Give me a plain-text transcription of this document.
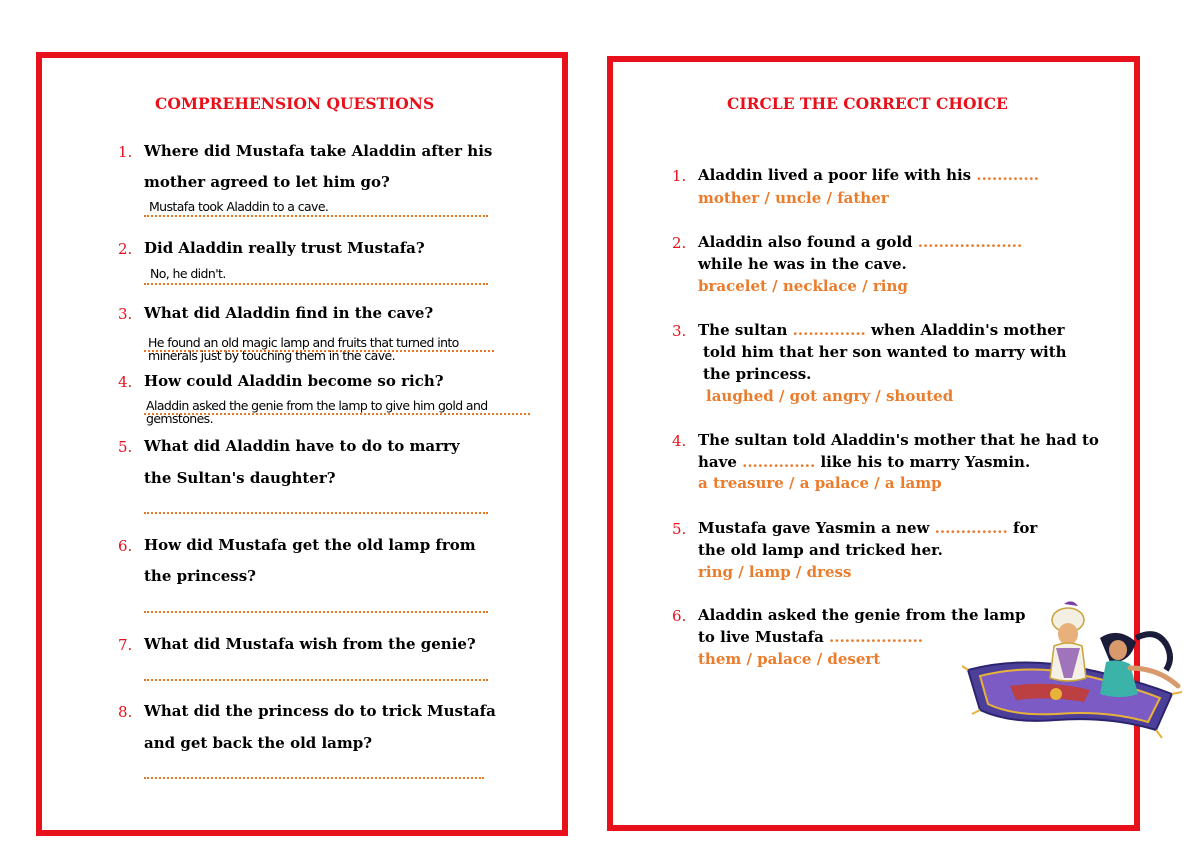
COMPREHENSION QUESTIONS
1. Where did Mustafa take Aladdin after his
mother agreed to let him go?
Mustafa took Aladdin to a cave.
2. Did Aladdin really trust Mustafa?
No, he didn't.
3. What did Aladdin find in the cave?
He found an old magic lamp and fruits that turned into minerals just by touching them in the cave.
4. How could Aladdin become so rich?
Aladdin asked the genie from the lamp to give him gold and gemstones.
5. What did Aladdin have to do to marry
the Sultan's daughter?
6. How did Mustafa get the old lamp from
the princess?
7. What did Mustafa wish from the genie?
8. What did the princess do to trick Mustafa
and get back the old lamp?
CIRCLE THE CORRECT CHOICE
1. Aladdin lived a poor life with his ............
mother / uncle / father
2. Aladdin also found a gold ....................
while he was in the cave.
bracelet / necklace / ring
3. The sultan .............. when Aladdin's mother
told him that her son wanted to marry with
the princess.
laughed / got angry / shouted
4. The sultan told Aladdin's mother that he had to
have .............. like his to marry Yasmin.
a treasure / a palace / a lamp
5. Mustafa gave Yasmin a new .............. for
the old lamp and tricked her.
ring / lamp / dress
6. Aladdin asked the genie from the lamp
to live Mustafa ..................
them / palace / desert
